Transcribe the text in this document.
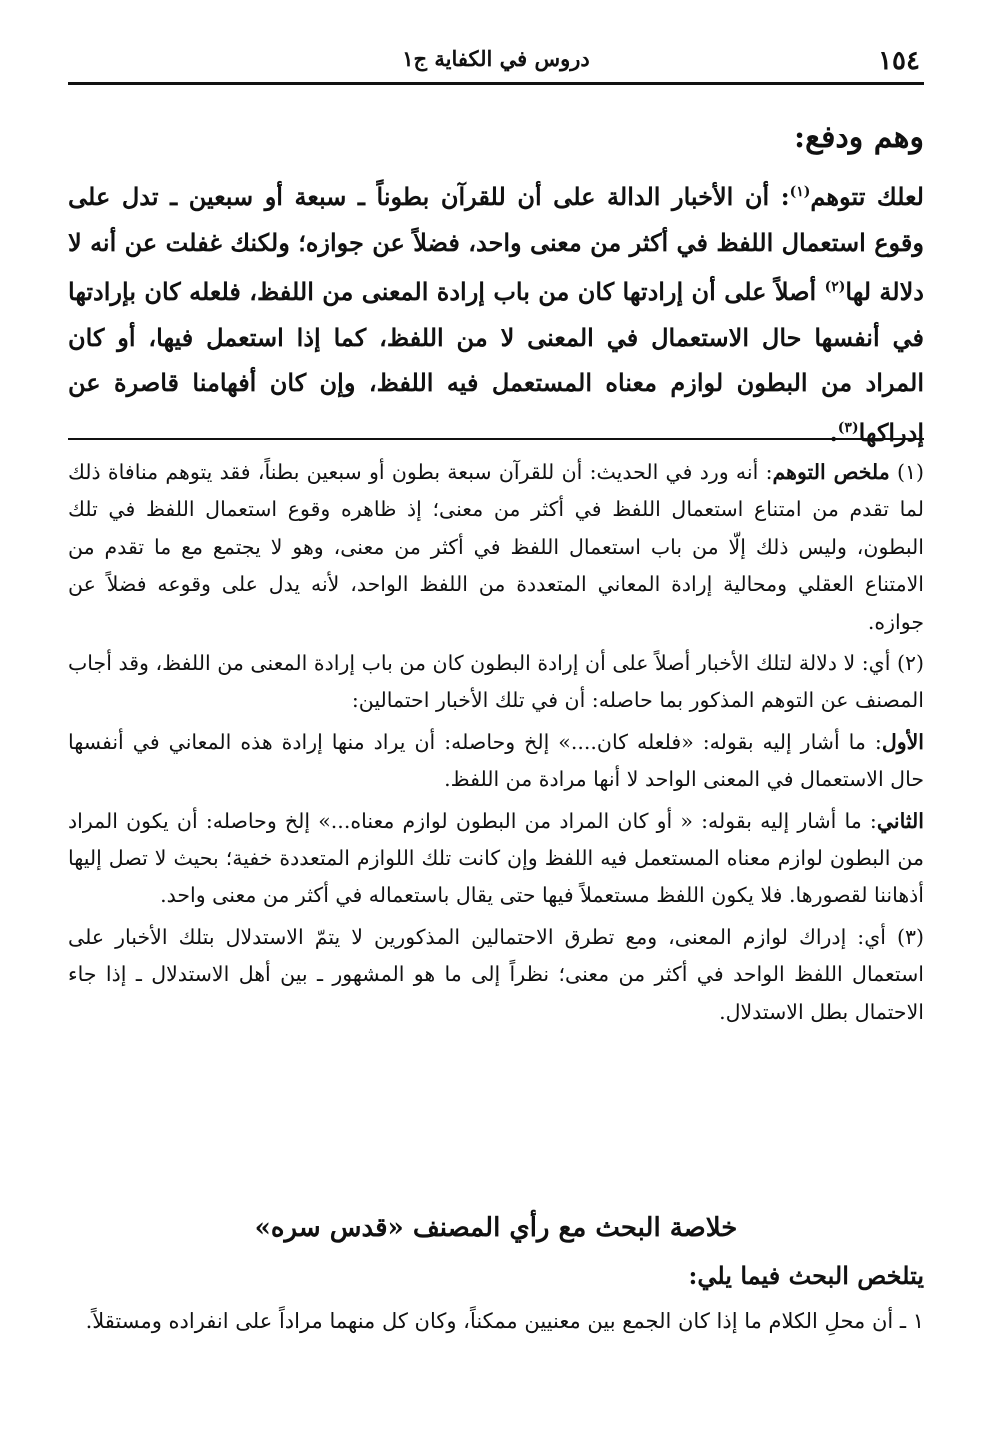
١٥٤
دروس في الكفاية ج١

وهم ودفع:

لعلك تتوهم$^{(١)}$: أن الأخبار الدالة على أن للقرآن بطوناً ـ سبعة أو سبعين ـ تدل على وقوع استعمال اللفظ في أكثر من معنى واحد، فضلاً عن جوازه؛ ولكنك غفلت عن أنه لا دلالة لها$^{(٢)}$ أصلاً على أن إرادتها كان من باب إرادة المعنى من اللفظ، فلعله كان بإرادتها في أنفسها حال الاستعمال في المعنى لا من اللفظ، كما إذا استعمل فيها، أو كان المراد من البطون لوازم معناه المستعمل فيه اللفظ، وإن كان أفهامنا قاصرة عن إدراكها$^{(٣)}$.

(١) ملخص التوهم: أنه ورد في الحديث: أن للقرآن سبعة بطون أو سبعين بطناً، فقد يتوهم منافاة ذلك لما تقدم من امتناع استعمال اللفظ في أكثر من معنى؛ إذ ظاهره وقوع استعمال اللفظ في تلك البطون، وليس ذلك إلّا من باب استعمال اللفظ في أكثر من معنى، وهو لا يجتمع مع ما تقدم من الامتناع العقلي ومحالية إرادة المعاني المتعددة من اللفظ الواحد، لأنه يدل على وقوعه فضلاً عن جوازه.

(٢) أي: لا دلالة لتلك الأخبار أصلاً على أن إرادة البطون كان من باب إرادة المعنى من اللفظ، وقد أجاب المصنف عن التوهم المذكور بما حاصله: أن في تلك الأخبار احتمالين:

الأول: ما أشار إليه بقوله: «فلعله كان....» إلخ وحاصله: أن يراد منها إرادة هذه المعاني في أنفسها حال الاستعمال في المعنى الواحد لا أنها مرادة من اللفظ.

الثاني: ما أشار إليه بقوله: « أو كان المراد من البطون لوازم معناه...» إلخ وحاصله: أن يكون المراد من البطون لوازم معناه المستعمل فيه اللفظ وإن كانت تلك اللوازم المتعددة خفية؛ بحيث لا تصل إليها أذهاننا لقصورها. فلا يكون اللفظ مستعملاً فيها حتى يقال باستعماله في أكثر من معنى واحد.

(٣) أي: إدراك لوازم المعنى، ومع تطرق الاحتمالين المذكورين لا يتمّ الاستدلال بتلك الأخبار على استعمال اللفظ الواحد في أكثر من معنى؛ نظراً إلى ما هو المشهور ـ بين أهل الاستدلال ـ إذا جاء الاحتمال بطل الاستدلال.

خلاصة البحث مع رأي المصنف «قدس سره»

يتلخص البحث فيما يلي:

١ ـ أن محلِ الكلام ما إذا كان الجمع بين معنيين ممكناً، وكان كل منهما مراداً على انفراده ومستقلاً.
